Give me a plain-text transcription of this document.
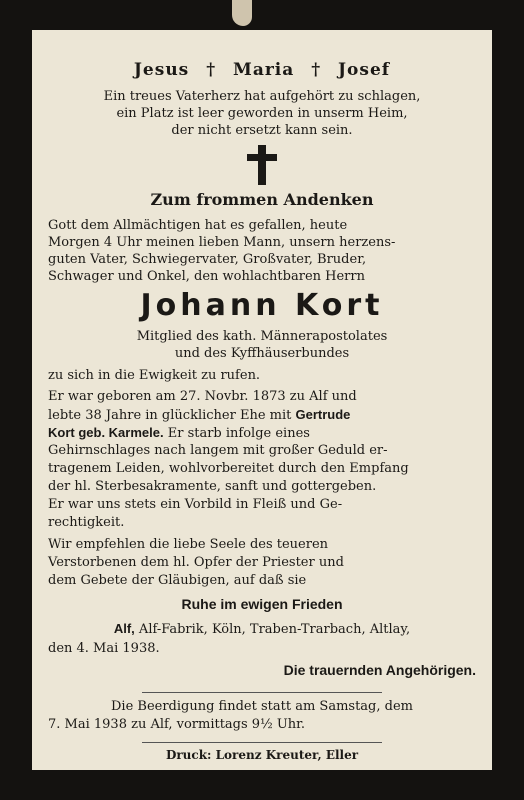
Jesus † Maria † Josef
Ein treues Vaterherz hat aufgehört zu schlagen,
ein Platz ist leer geworden in unserm Heim,
der nicht ersetzt kann sein.
Zum frommen Andenken
Gott dem Allmächtigen hat es gefallen, heute
Morgen 4 Uhr meinen lieben Mann, unsern herzens-
guten Vater, Schwiegervater, Großvater, Bruder,
Schwager und Onkel, den wohlachtbaren Herrn
Johann Kort
Mitglied des kath. Männerapostolates
und des Kyffhäuserbundes
zu sich in die Ewigkeit zu rufen.
Er war geboren am 27. Novbr. 1873 zu Alf und
lebte 38 Jahre in glücklicher Ehe mit Gertrude
Kort geb. Karmele. Er starb infolge eines
Gehirnschlages nach langem mit großer Geduld er-
tragenem Leiden, wohlvorbereitet durch den Empfang
der hl. Sterbesakramente, sanft und gottergeben.
Er war uns stets ein Vorbild in Fleiß und Ge-
rechtigkeit.
Wir empfehlen die liebe Seele des teueren
Verstorbenen dem hl. Opfer der Priester und
dem Gebete der Gläubigen, auf daß sie
Ruhe im ewigen Frieden
Alf, Alf-Fabrik, Köln, Traben-Trarbach, Altlay,
den 4. Mai 1938.
Die trauernden Angehörigen.
Die Beerdigung findet statt am Samstag, dem
7. Mai 1938 zu Alf, vormittags 9½ Uhr.
Druck: Lorenz Kreuter, Eller
